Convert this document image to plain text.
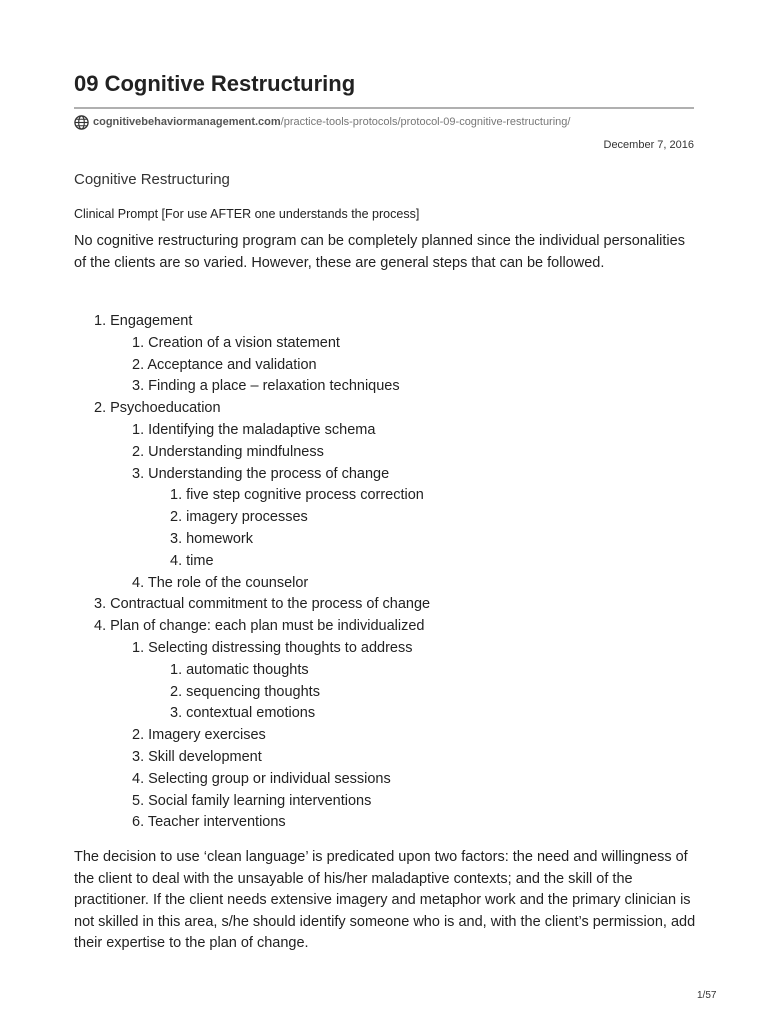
09 Cognitive Restructuring
cognitivebehaviormanagement.com /practice-tools-protocols/protocol-09-cognitive-restructuring/
December 7, 2016
Cognitive Restructuring
Clinical Prompt [For use AFTER one understands the process]

No cognitive restructuring program can be completely planned since the individual personalities of the clients are so varied. However, these are general steps that can be followed.

1. Engagement
1. Creation of a vision statement
2. Acceptance and validation
3. Finding a place – relaxation techniques
2. Psychoeducation
1. Identifying the maladaptive schema
2. Understanding mindfulness
3. Understanding the process of change
1. five step cognitive process correction
2. imagery processes
3. homework
4. time
4. The role of the counselor
3. Contractual commitment to the process of change
4. Plan of change: each plan must be individualized
1. Selecting distressing thoughts to address
1. automatic thoughts
2. sequencing thoughts
3. contextual emotions
2. Imagery exercises
3. Skill development
4. Selecting group or individual sessions
5. Social family learning interventions
6. Teacher interventions

The decision to use ‘clean language’ is predicated upon two factors: the need and willingness of the client to deal with the unsayable of his/her maladaptive contexts; and the skill of the practitioner. If the client needs extensive imagery and metaphor work and the primary clinician is not skilled in this area, s/he should identify someone who is and, with the client’s permission, add their expertise to the plan of change.

1/57
